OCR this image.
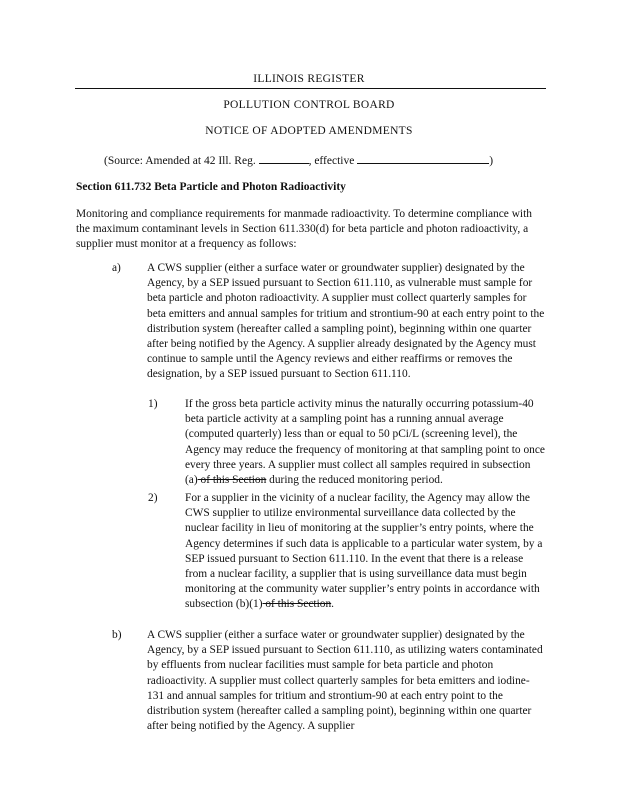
ILLINOIS REGISTER
POLLUTION CONTROL BOARD
NOTICE OF ADOPTED AMENDMENTS
(Source: Amended at 42 Ill. Reg.	, effective	)
Section 611.732 Beta Particle and Photon Radioactivity
Monitoring and compliance requirements for manmade radioactivity. To determine compliance with the maximum contaminant levels in Section 611.330(d) for beta particle and photon radioactivity, a supplier must monitor at a frequency as follows:
a) A CWS supplier (either a surface water or groundwater supplier) designated by the Agency, by a SEP issued pursuant to Section 611.110, as vulnerable must sample for beta particle and photon radioactivity. A supplier must collect quarterly samples for beta emitters and annual samples for tritium and strontium-90 at each entry point to the distribution system (hereafter called a sampling point), beginning within one quarter after being notified by the Agency. A supplier already designated by the Agency must continue to sample until the Agency reviews and either reaffirms or removes the designation, by a SEP issued pursuant to Section 611.110.
1) If the gross beta particle activity minus the naturally occurring potassium-40 beta particle activity at a sampling point has a running annual average (computed quarterly) less than or equal to 50 pCi/L (screening level), the Agency may reduce the frequency of monitoring at that sampling point to once every three years. A supplier must collect all samples required in subsection (a) of this Section during the reduced monitoring period.
2) For a supplier in the vicinity of a nuclear facility, the Agency may allow the CWS supplier to utilize environmental surveillance data collected by the nuclear facility in lieu of monitoring at the supplier’s entry points, where the Agency determines if such data is applicable to a particular water system, by a SEP issued pursuant to Section 611.110. In the event that there is a release from a nuclear facility, a supplier that is using surveillance data must begin monitoring at the community water supplier’s entry points in accordance with subsection (b)(1) of this Section.
b) A CWS supplier (either a surface water or groundwater supplier) designated by the Agency, by a SEP issued pursuant to Section 611.110, as utilizing waters contaminated by effluents from nuclear facilities must sample for beta particle and photon radioactivity. A supplier must collect quarterly samples for beta emitters and iodine-131 and annual samples for tritium and strontium-90 at each entry point to the distribution system (hereafter called a sampling point), beginning within one quarter after being notified by the Agency. A supplier
